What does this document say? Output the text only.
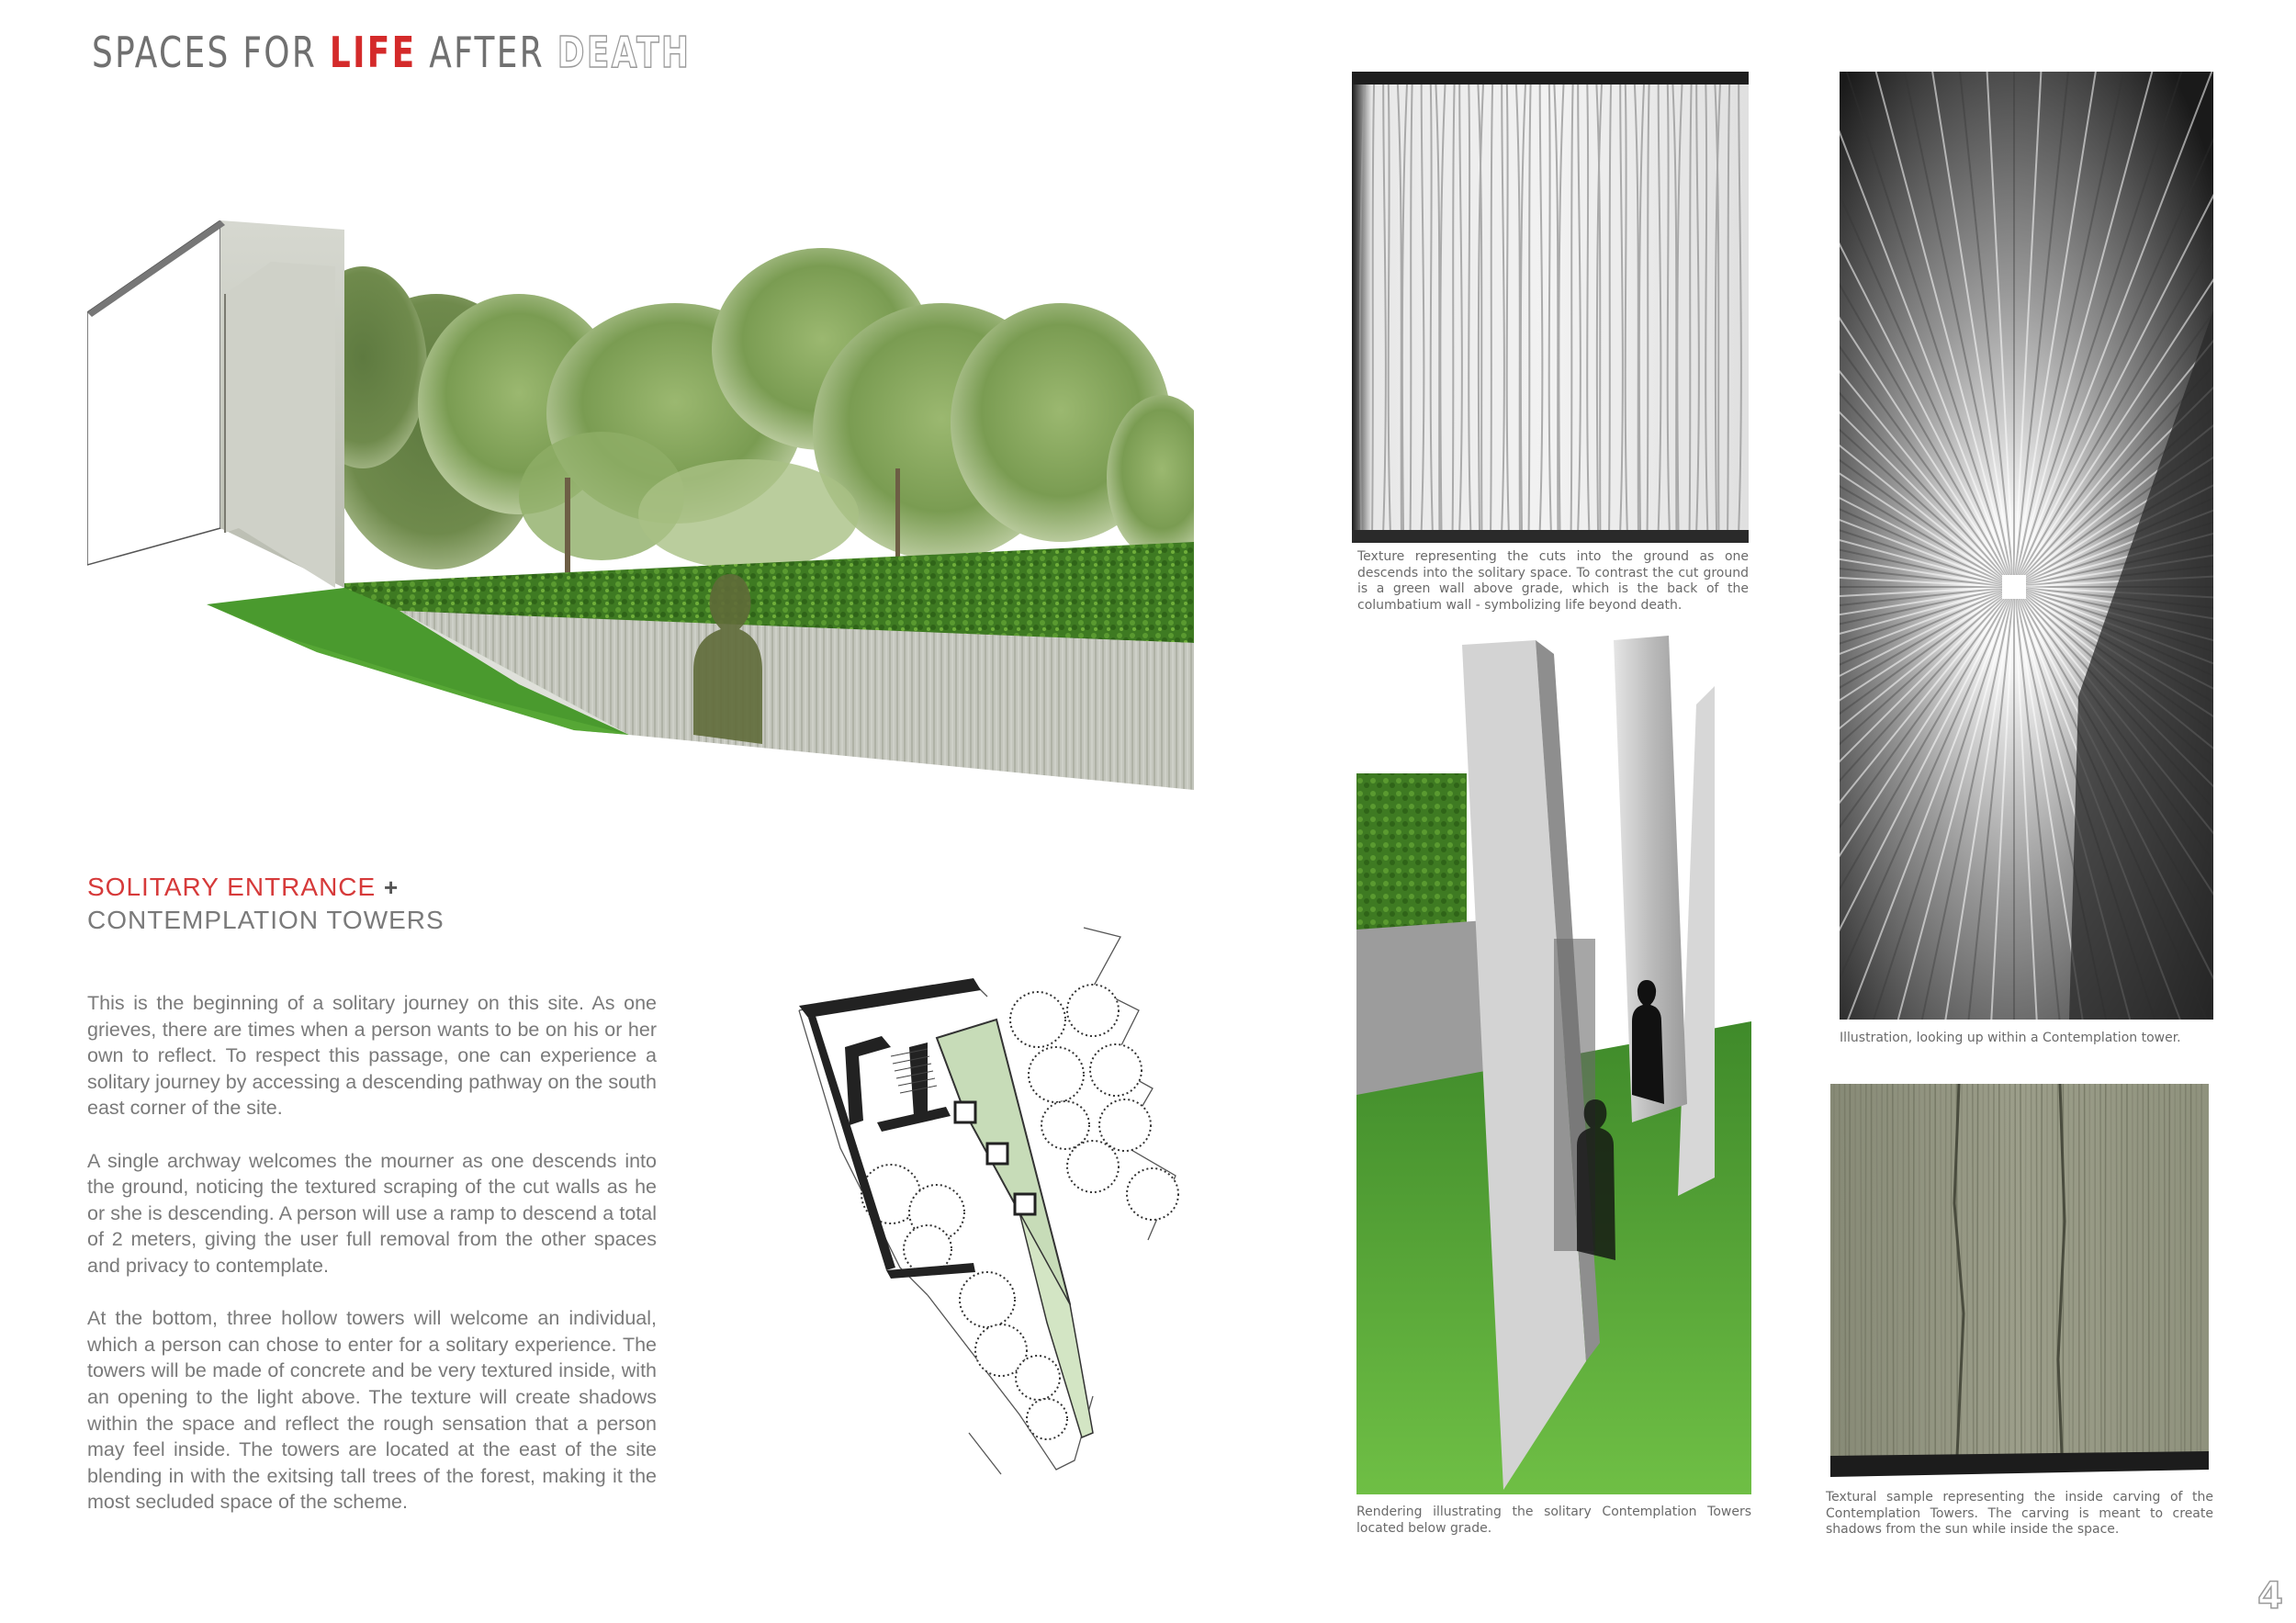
SPACES FOR LIFE AFTER DEATH
SOLITARY ENTRANCE +
CONTEMPLATION TOWERS

This is the beginning of a solitary journey on this site. As one grieves, there are times when a person wants to be on his or her own to reflect. To respect this passage, one can experience a solitary journey by accessing a descending pathway on the south east corner of the site.

A single archway welcomes the mourner as one descends into the ground, noticing the textured scraping of the cut walls as he or she is descending. A person will use a ramp to descend a total of 2 meters, giving the user full removal from the other spaces and privacy to contemplate.

At the bottom, three hollow towers will welcome an individual, which a person can chose to enter for a solitary experience. The towers will be made of concrete and be very textured inside, with an opening to the light above. The texture will create shadows within the space and reflect the rough sensation that a person may feel inside. The towers are located at the east of the site blending in with the exitsing tall trees of the forest, making it the most secluded space of the scheme.

Texture representing the cuts into the ground as one descends into the solitary space. To contrast the cut ground is a green wall above grade, which is the back of the columbatium wall - symbolizing life beyond death.
Illustration, looking up within a Contemplation tower.
Rendering illustrating the solitary Contemplation Towers located below grade.
Textural sample representing the inside carving of the Contemplation Towers. The carving is meant to create shadows from the sun while inside the space.
4
